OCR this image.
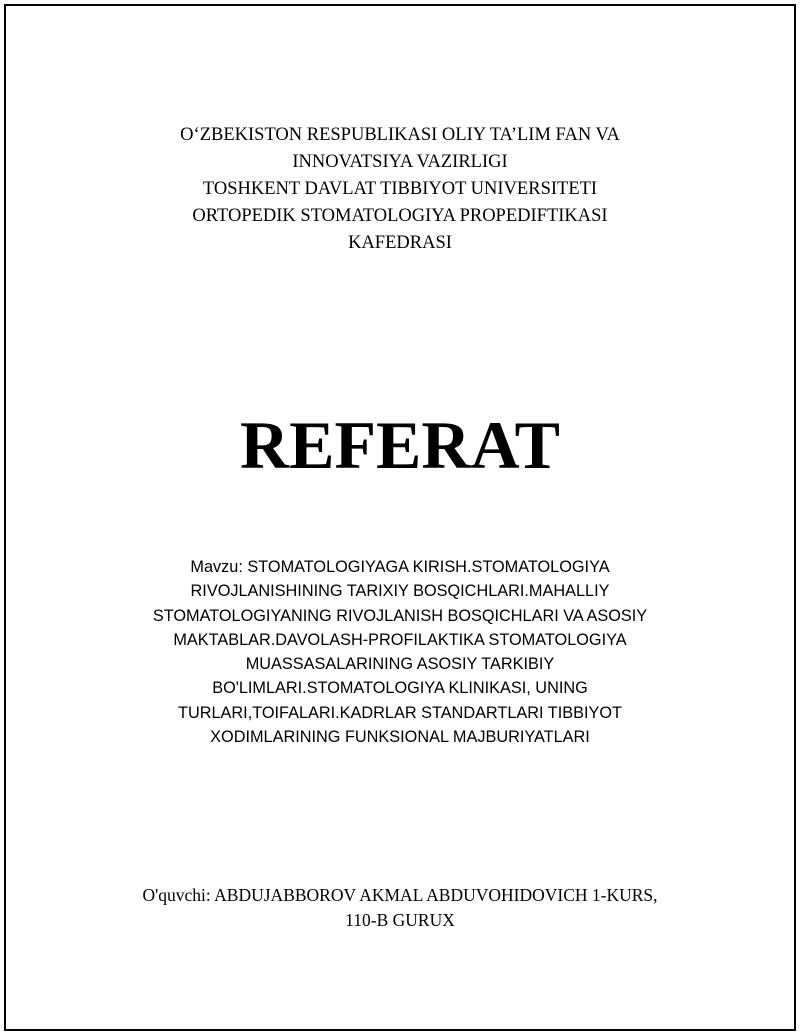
O‘ZBEKISTON RESPUBLIKASI OLIY TA’LIM FAN VA
INNOVATSIYA VAZIRLIGI
TOSHKENT DAVLAT TIBBIYOT UNIVERSITETI
ORTOPEDIK STOMATOLOGIYA PROPEDIFTIKASI
KAFEDRASI
REFERAT
Mavzu: STOMATOLOGIYAGA KIRISH.STOMATOLOGIYA
RIVOJLANISHINING TARIXIY BOSQICHLARI.MAHALLIY
STOMATOLOGIYANING RIVOJLANISH BOSQICHLARI VA ASOSIY
MAKTABLAR.DAVOLASH-PROFILAKTIKA STOMATOLOGIYA
MUASSASALARINING ASOSIY TARKIBIY
BO'LIMLARI.STOMATOLOGIYA KLINIKASI, UNING
TURLARI,TOIFALARI.KADRLAR STANDARTLARI TIBBIYOT
XODIMLARINING FUNKSIONAL MAJBURIYATLARI
O'quvchi: ABDUJABBOROV AKMAL ABDUVOHIDOVICH 1-KURS,
110-B GURUX
